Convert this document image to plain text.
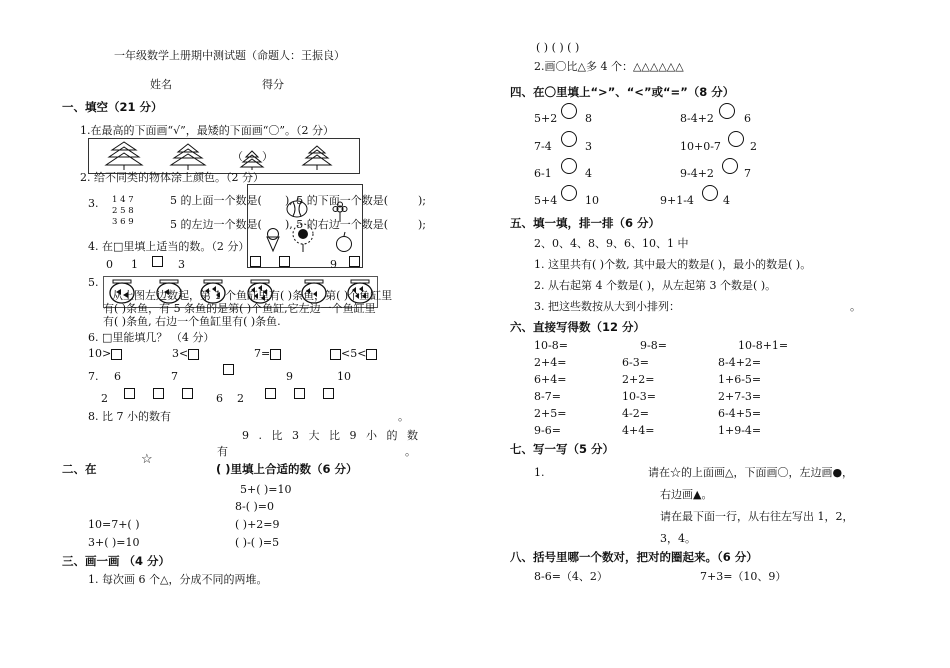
一年级数学上册期中测试题（命题人：王振良）
姓名	得分
一、填空（21 分）
1.在最高的下面画“√”，最矮的下面画“〇”。（2 分）
（ ）
2. 给不同类的物体涂上颜色。（2 分）
3. 1 4 7
2 5 8
3 6 9
5 的上面一个数是( ), 5 的下面一个数是(	);
5 的左边一个数是( ), 5 的右边一个数是(	);
4. 在□里填上适当的数。（2 分）
0 1	3	9
5.
从上图左边数起，第 1 个鱼缸里有( )条鱼，第( )个鱼缸里
有( )条鱼，有 5 条鱼的是第( )个鱼缸,它左边一个鱼缸里
有( )条鱼, 右边一个鱼缸里有( )条鱼.
6. □里能填几？ （4 分）
10>	3<	7=	<5<
7. 6	7	9	10
2	6 2
8. 比 7 小的数有	。
9 . 比 3 大 比 9 小 的 数
有	。
二、在
☆
( )里填上合适的数（6 分）
5+( )=10
8-( )=0
10=7+( )	( )+2=9
3+( )=10	( )-( )=5
三、画一画 （4 分）
1. 每次画 6 个△，分成不同的两堆。
( ) ( ) ( )
2.画〇比△多 4 个：△△△△△△
四、在〇里填上“>”、“<”或“=”（8 分）
5+2	8
7-4	3
6-1	4
5+4	10
8-4+2	6
10+0-7	2
9-4+2	7
9+1-4	4
五、填一填，排一排（6 分）
2、0、4、8、9、6、10、1 中
1. 这里共有( )个数, 其中最大的数是( )，最小的数是( )。
2. 从右起第 4 个数是( )，从左起第 3 个数是( )。
3. 把这些数按从大到小排列：	。
六、直接写得数（12 分）
10-8=	9-8=	10-8+1=
2+4=	6-3=	8-4+2=
6+4=	2+2=	1+6-5=
8-7=	10-3=	2+7-3=
2+5=	4-2=	6-4+5=
9-6=	4+4=	1+9-4=
七、写一写（5 分）
1.	请在☆的上面画△，下面画〇，左边画●，
右边画▲。
请在最下面一行，从右往左写出 1，2，
3，4。
八、括号里哪一个数对，把对的圈起来。（6 分）
8-6=（4、2）	7+3=（10、9）
